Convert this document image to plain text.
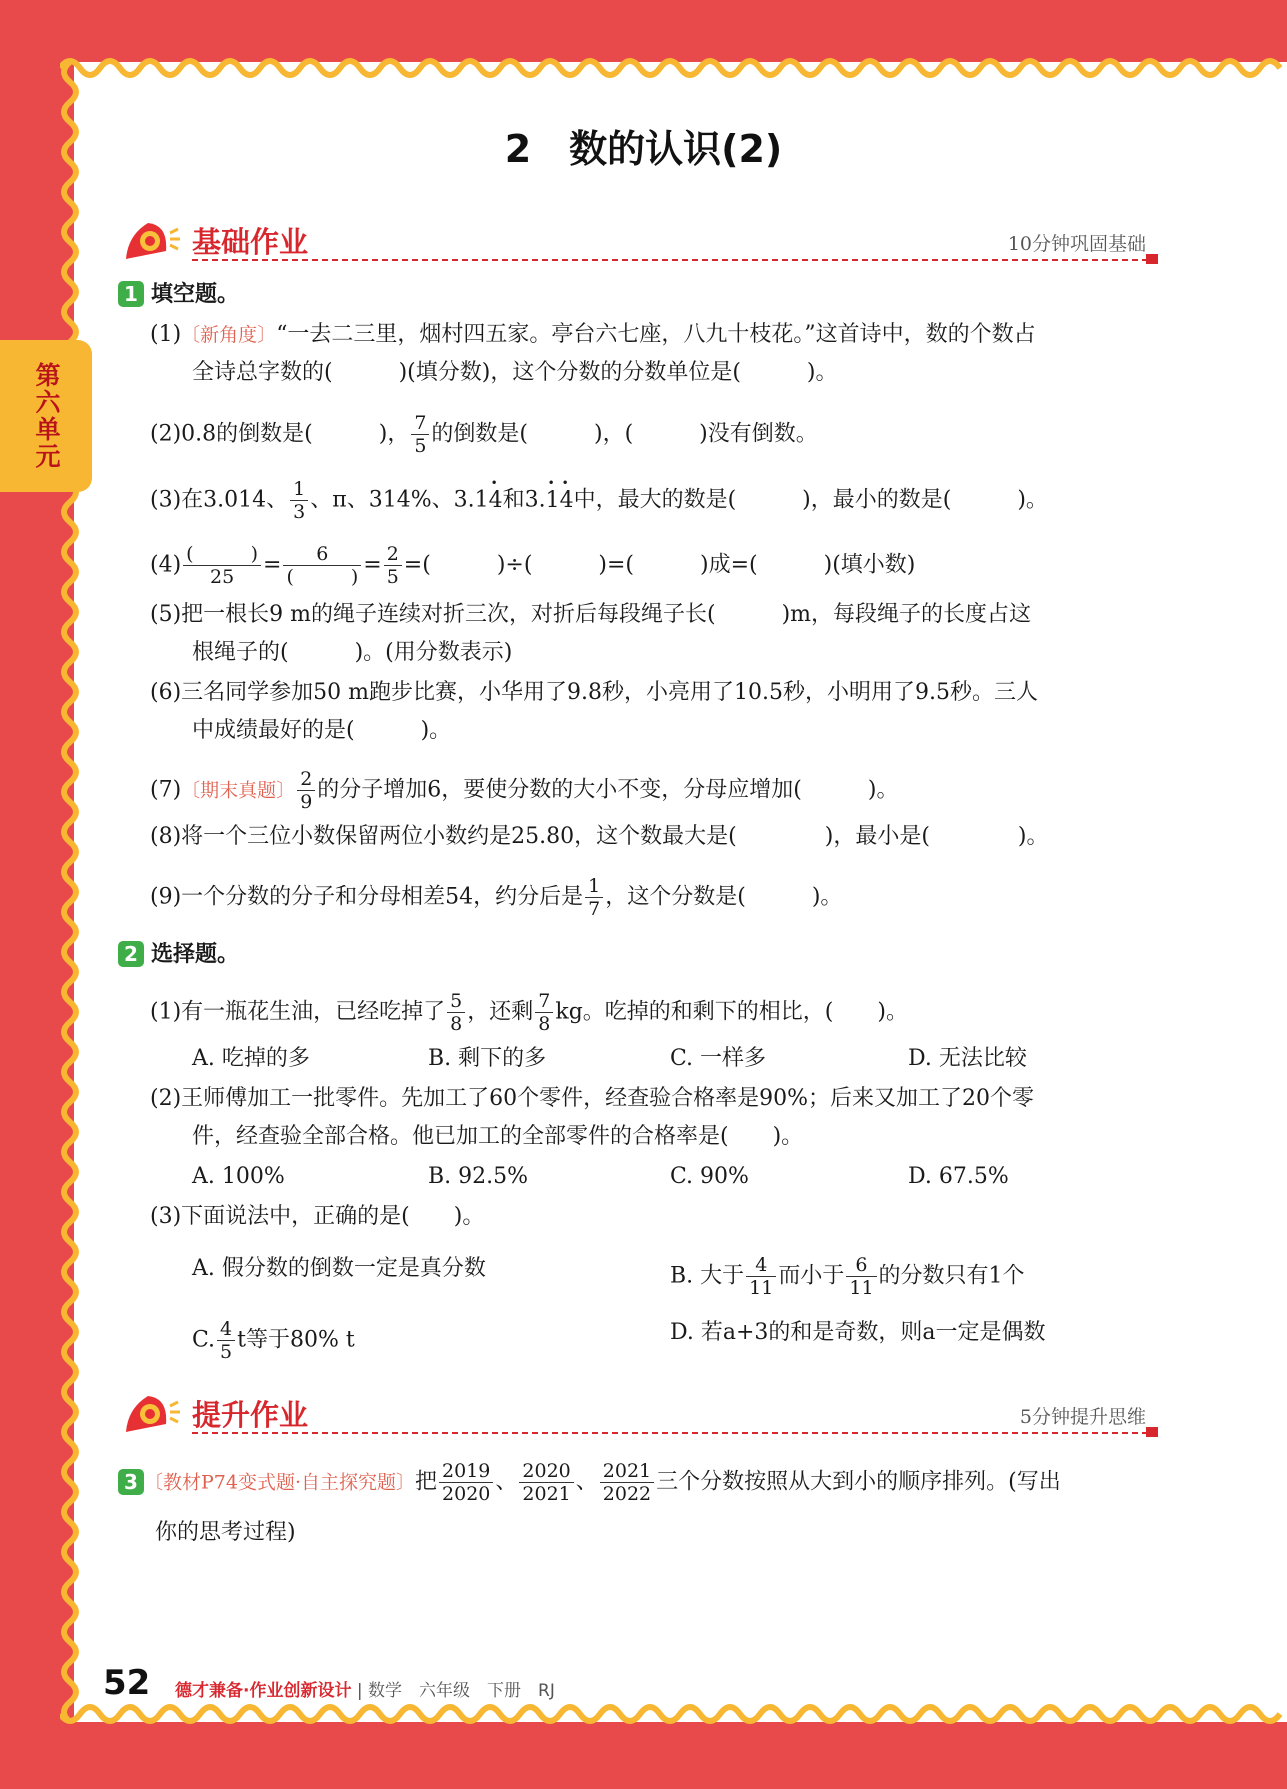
第六单元
2　数的认识(2)
基础作业	10分钟巩固基础
1 填空题。
(1)〔新角度〕“一去二三里，烟村四五家。亭台六七座，八九十枝花。”这首诗中，数的个数占
全诗总字数的(　　　)(填分数)，这个分数的分数单位是(　　　)。
(2)0.8的倒数是(　　　)， $\frac{7}{5}$ 的倒数是(　　　)，(　　　)没有倒数。
(3)在3.014、 $\frac{1}{3}$ 、π、314%、3.1• 4和3.• 1• 4中，最大的数是(　　　)，最小的数是(　　　)。
$(4) \frac{( )}{25} = \frac{6}{( )} = \frac{2}{5}$ =(　　　)÷(　　　)=(　　　)成=(　　　)(填小数)
(5)把一根长9 m的绳子连续对折三次，对折后每段绳子长(　　　)m，每段绳子的长度占这
根绳子的(　　　)。(用分数表示)
(6)三名同学参加50 m跑步比赛，小华用了9.8秒，小亮用了10.5秒，小明用了9.5秒。三人
中成绩最好的是(　　　)。
(7)〔期末真题〕 $\frac{2}{9}$ 的分子增加6，要使分数的大小不变，分母应增加(　　　)。
(8)将一个三位小数保留两位小数约是25.80，这个数最大是(　　　　)，最小是(　　　　)。
(9)一个分数的分子和分母相差54，约分后是 $\frac{1}{7}$ ，这个分数是(　　　)。
2 选择题。
(1)有一瓶花生油，已经吃掉了 $\frac{5}{8}$ ，还剩 $\frac{7}{8}$ kg。吃掉的和剩下的相比，(　　)。
A. 吃掉的多	B. 剩下的多	C. 一样多	D. 无法比较
(2)王师傅加工一批零件。先加工了60个零件，经查验合格率是90%；后来又加工了20个零
件，经查验全部合格。他已加工的全部零件的合格率是(　　)。
A. 100%	B. 92.5%	C. 90%	D. 67.5%
(3)下面说法中，正确的是(　　)。
A. 假分数的倒数一定是真分数	B. 大于 $\frac{4}{11}$ 而小于 $\frac{6}{11}$ 的分数只有1个
C. $\frac{4}{5}$ t等于80% t	D. 若a+3的和是奇数，则a一定是偶数
提升作业	5分钟提升思维
3 〔教材P74变式题·自主探究题〕把 $\frac{2019}{2020}$ 、 $\frac{2020}{2021}$ 、 $\frac{2021}{2022}$ 三个分数按照从大到小的顺序排列。(写出
你的思考过程)
52 德才兼备·作业创新设计 | 数学　六年级　下册　RJ
